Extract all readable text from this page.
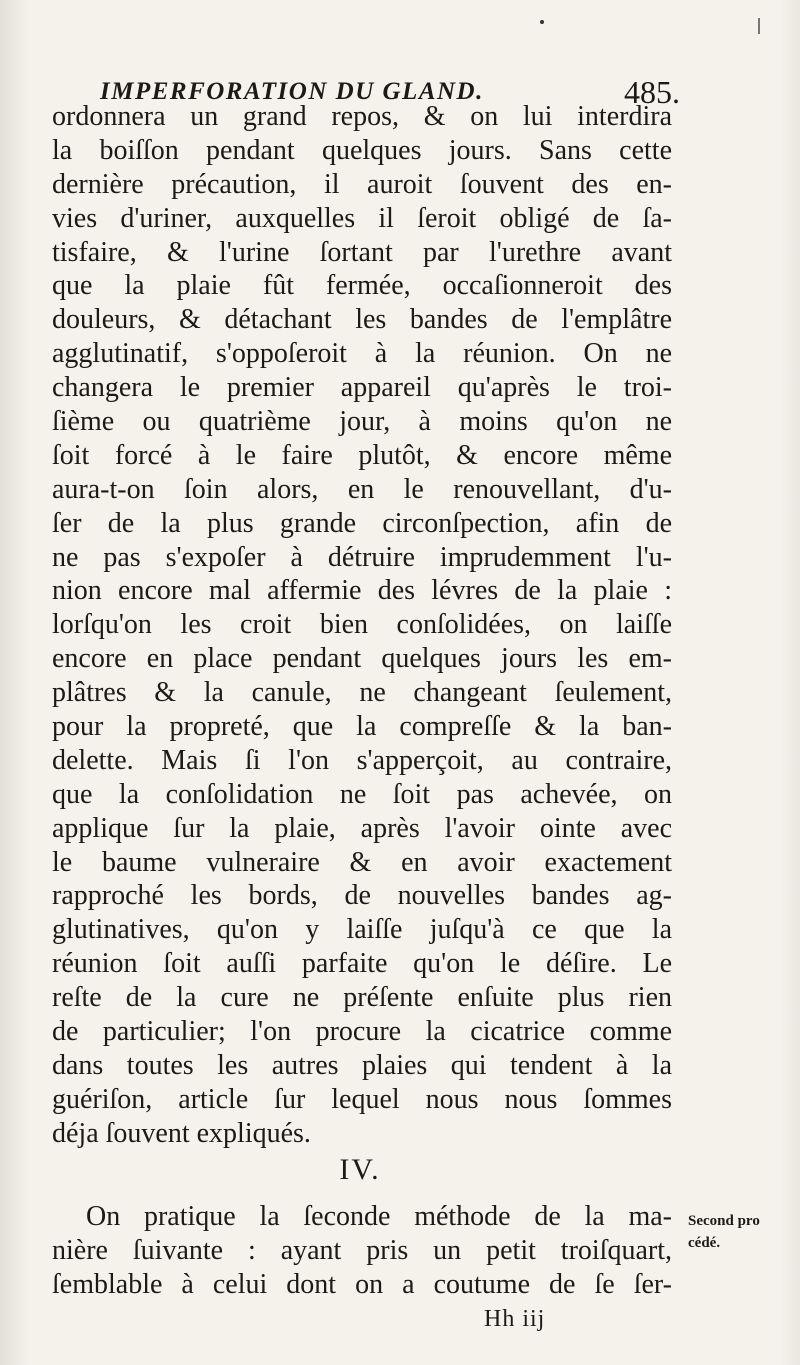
IMPERFORATION DU GLAND.	485.
ordonnera un grand repos, & on lui interdira
la boiſſon pendant quelques jours. Sans cette
dernière précaution, il auroit ſouvent des en-
vies d'uriner, auxquelles il ſeroit obligé de ſa-
tisfaire, & l'urine ſortant par l'urethre avant
que la plaie fût fermée, occaſionneroit des
douleurs, & détachant les bandes de l'emplâtre
agglutinatif, s'oppoſeroit à la réunion. On ne
changera le premier appareil qu'après le troi-
ſième ou quatrième jour, à moins qu'on ne
ſoit forcé à le faire plutôt, & encore même
aura-t-on ſoin alors, en le renouvellant, d'u-
ſer de la plus grande circonſpection, afin de
ne pas s'expoſer à détruire imprudemment l'u-
nion encore mal affermie des lévres de la plaie :
lorſqu'on les croit bien conſolidées, on laiſſe
encore en place pendant quelques jours les em-
plâtres & la canule, ne changeant ſeulement,
pour la propreté, que la compreſſe & la ban-
delette. Mais ſi l'on s'apperçoit, au contraire,
que la conſolidation ne ſoit pas achevée, on
applique ſur la plaie, après l'avoir ointe avec
le baume vulneraire & en avoir exactement
rapproché les bords, de nouvelles bandes ag-
glutinatives, qu'on y laiſſe juſqu'à ce que la
réunion ſoit auſſi parfaite qu'on le déſire. Le
reſte de la cure ne préſente enſuite plus rien
de particulier; l'on procure la cicatrice comme
dans toutes les autres plaies qui tendent à la
guériſon, article ſur lequel nous nous ſommes
déja ſouvent expliqués.
IV.
On pratique la ſeconde méthode de la ma-
nière ſuivante : ayant pris un petit troiſquart,
ſemblable à celui dont on a coutume de ſe ſer-
Second pro
cédé.
Hh iij
